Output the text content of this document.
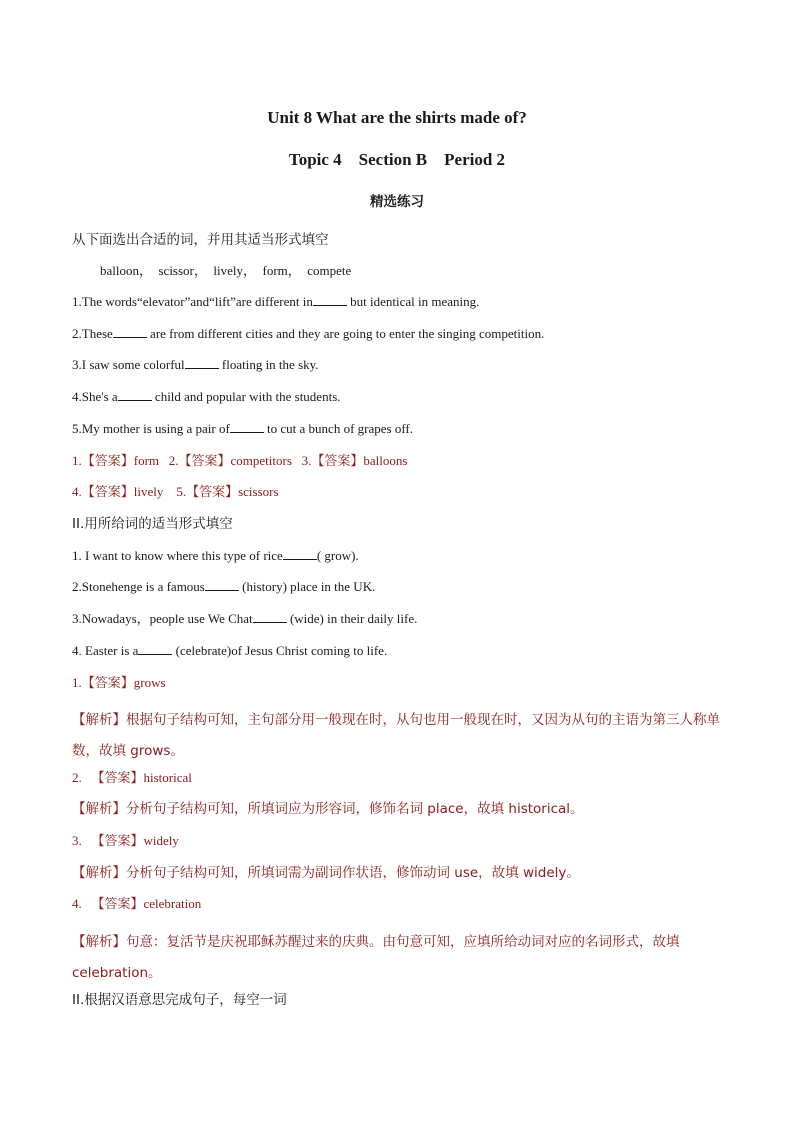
Unit 8 What are the shirts made of?
Topic 4    Section B    Period 2
精选练习

从下面选出合适的词，并用其适当形式填空

balloon，  scissor，  lively，  form，  compete

1.The words“elevator”and“lift”are different in	but identical in meaning.

2.These	are from different cities and they are going to enter the singing competition.

3.I saw some colorful	floating in the sky.

4.She's a	child and popular with the students.

5.My mother is using a pair of	to cut a bunch of grapes off.

1.【答案】form   2.【答案】competitors   3.【答案】balloons

4.【答案】lively    5.【答案】scissors

II.用所给词的适当形式填空

1. I want to know where this type of rice	( grow).

2.Stonehenge is a famous	(history) place in the UK.

3.Nowadays，people use We Chat	(wide) in their daily life.

4. Easter is a	(celebrate)of Jesus Christ coming to life.

1.【答案】grows

【解析】根据句子结构可知，主句部分用一般现在时，从句也用一般现在时，又因为从句的主语为第三人称单数，故填 grows。

2.   【答案】historical

【解析】分析句子结构可知，所填词应为形容词，修饰名词 place，故填 historical。

3.   【答案】widely

【解析】分析句子结构可知，所填词需为副词作状语，修饰动词 use，故填 widely。

4.   【答案】celebration

【解析】句意：复活节是庆祝耶稣苏醒过来的庆典。由句意可知，应填所给动词对应的名词形式，故填 celebration。

II.根据汉语意思完成句子，每空一词
